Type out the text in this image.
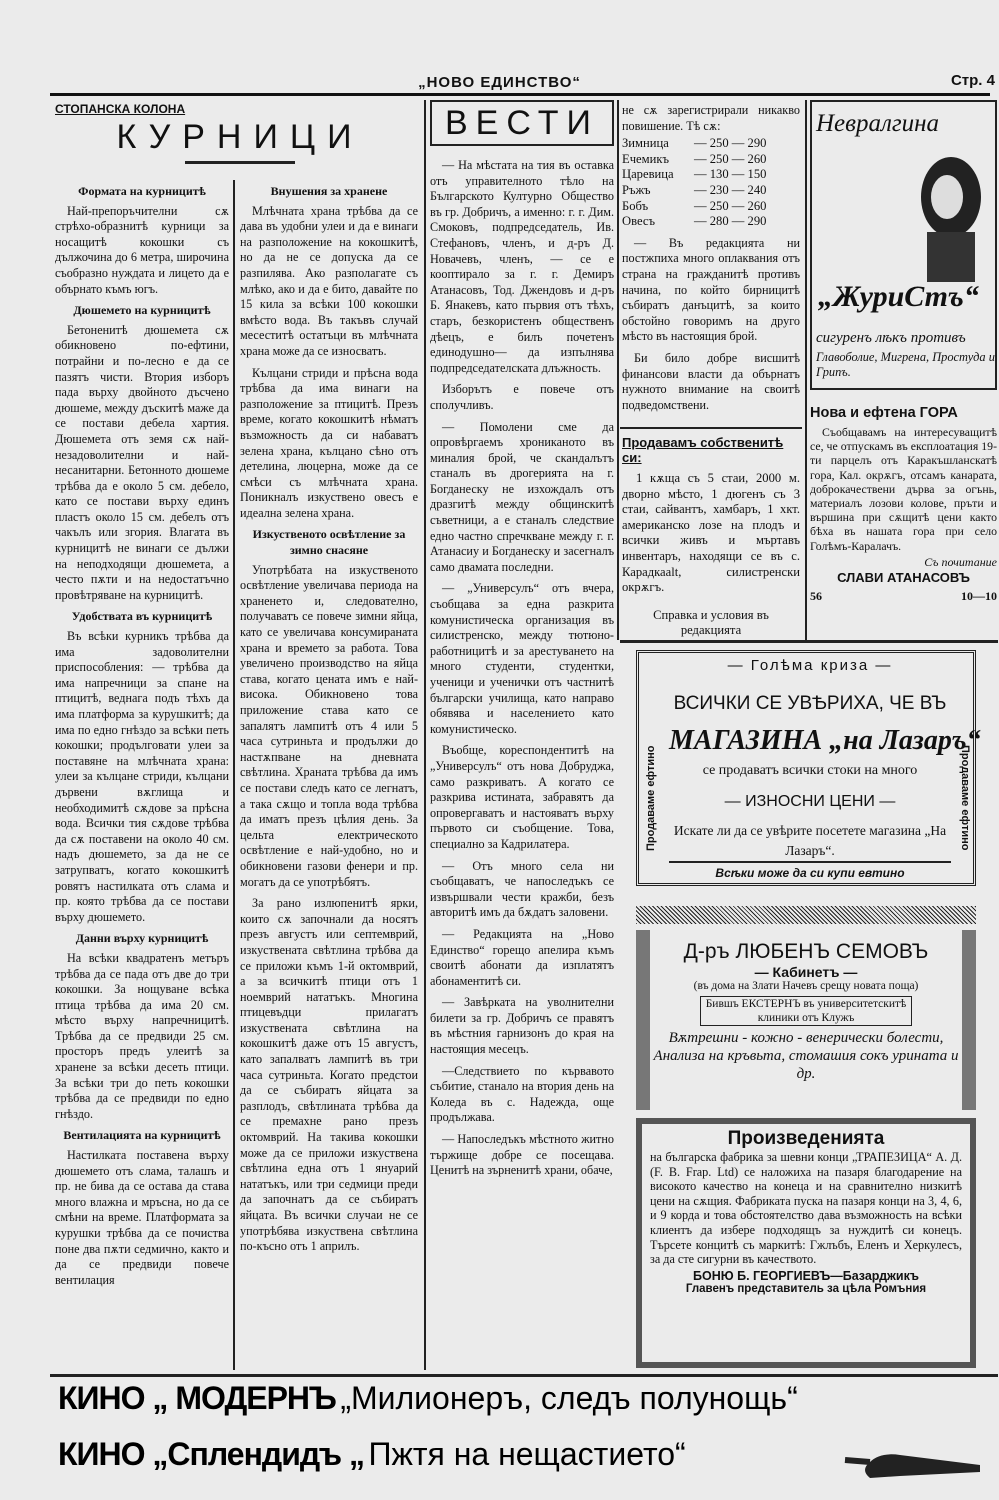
„НОВО ЕДИНСТВО“	Стр. 4
СТОПАНСКА КОЛОНА
КУРНИЦИ
Формата на курницитѣ

Най-препоръчителни сѫ стрѣхо-образнитѣ курници за носащитѣ кокошки съ дължочина до 6 метра, широчина съобразно нуждата и лицето да е обърнато къмъ югъ.

Дюшемето на курницитѣ

Бетоненитѣ дюшемета сѫ обикновено по-ефтини, потрайни и по-лесно е да се пазятъ чисти. Втория изборъ пада върху двойното дъсчено дюшеме, между дъскитѣ маже да се постави дебела хартия. Дюшемета отъ земя сѫ най-незадоволителни и най-несанитарни. Бетонното дюшеме трѣбва да е около 5 см. дебело, като се постави върху единъ пластъ около 15 см. дебелъ отъ чакълъ или згория. Влагата въ курницитѣ не винаги се дължи на неподходящи дюшемета, а често пѫти и на недостатъчно провѣтряване на курницитѣ.

Удобствата въ курницитѣ

Въ всѣки курникъ трѣбва да има задоволителни приспособления: — трѣбва да има напречници за спане на птицитѣ, веднага подъ тѣхъ да има платформа за курушкитѣ; да има по едно гнѣздо за всѣки петь кокошки; продълговати улеи за поставяне на млѣчната храна: улеи за кълцане стриди, кълцани дървени вѫглища и необходимитѣ сѫдове за прѣсна вода. Всички тия сѫдове трѣбва да сѫ поставени на около 40 см. надъ дюшемето, за да не се затрупватъ, когато кокошкитѣ ровятъ настилката отъ слама и пр. която трѣбва да се постави върху дюшемето.

Данни върху курницитѣ

На всѣки квадратенъ метъръ трѣбва да се пада отъ две до три кокошки. За нощуване всѣка птица трѣбва да има 20 см. мѣсто върху напречницитѣ. Трѣбва да се предвиди 25 см. просторъ предъ улеитѣ за хранене за всѣки десеть птици. За всѣки три до петь кокошки трѣбва да се предвиди по едно гнѣздо.

Вентилацията на курницитѣ

Настилката поставена върху дюшемето отъ слама, талашъ и пр. не бива да се остава да става много влажна и мръсна, но да се смѣни на време. Платформата за курушки трѣбва да се почиства поне два пѫти седмично, както и да се предвиди повече вентилация

Внушения за хранене

Млѣчната храна трѣбва да се дава въ удобни улеи и да е винаги на разположение на кокошкитѣ, но да не се допуска да се разпилява. Ако разполагате съ млѣко, ако и да е бито, давайте по 15 кила за всѣки 100 кокошки вмѣсто вода. Въ такъвъ случай месеститѣ остатъци въ млѣчната храна може да се износватъ.

Кълцани стриди и прѣсна вода трѣбва да има винаги на разположение за птицитѣ. Презъ време, когато кокошкитѣ нѣматъ възможность да си набаватъ зелена храна, кълцано сѣно отъ детелина, люцерна, може да се смѣси съ млѣчната храна. Поникналъ изкуствено овесъ е идеална зелена храна.

Изкуственото освѣтление за зимно снасяне

Употрѣбата на изкуственото освѣтление увеличава периода на храненето и, следователно, получаватъ се повече зимни яйца, като се увеличава консумираната храна и времето за работа. Това увеличено производство на яйца става, когато цената имъ е най-висока. Обикновено това приложение става като се запалятъ лампитѣ отъ 4 или 5 часа сутриньта и продължи до настѫпване на дневната свѣтлина. Храната трѣбва да имъ се постави следъ като се легнатъ, а така сѫщо и топла вода трѣбва да иматъ презъ цѣлия день. За цельта електрическото освѣтление е най-удобно, но и обикновени газови фенери и пр. могатъ да се употрѣбятъ.

За рано излюпенитѣ ярки, които сѫ започнали да носятъ презъ августъ или септемврий, изкуствената свѣтлина трѣбва да се приложи къмъ 1-й октомврий, а за всичкитѣ птици отъ 1 ноемврий нататъкъ. Многина птицевъдци прилагатъ изкуствената свѣтлина на кокошкитѣ даже отъ 15 августъ, като запалватъ лампитѣ въ три часа сутриньта. Когато предстои да се събиратъ яйцата за разплодъ, свѣтлината трѣбва да се премахне рано презъ октомврий. На такива кокошки може да се приложи изкуствена свѣтлина една отъ 1 януарий нататъкъ, или три седмици преди да започнатъ да се събиратъ яйцата. Въ всички случаи не се употрѣбява изкуствена свѣтлина по-късно отъ 1 априлъ.

ВЕСТИ

— На мѣстата на тия въ оставка отъ управителното тѣло на Българското Културно Общество въ гр. Добричъ, а именно: г. г. Дим. Смоковъ, подпредседатель, Ив. Стефановъ, членъ, и д-ръ Д. Новачевъ, членъ, — се е кооптирало за г. г. Демиръ Атанасовъ, Тод. Джендовъ и д-ръ Б. Янакевъ, като първия отъ тѣхъ, старъ, безкористенъ общественъ дѣецъ, е билъ почетенъ единодушно— да изпълнява подпредседателската длъжность.

Изборътъ е повече отъ сполучливъ.

— Помолени сме да опровѣргаемъ хрониканото въ миналия брой, че скандалътъ станалъ въ дрогерията на г. Богданеску не изхождалъ отъ дразгитѣ между общинскитѣ съветници, а е станалъ следствие едно частно спречкване между г. г. Атанасиу и Богданеску и засегналъ само двамата последни.

— „Универсулъ“ отъ вчера, съобщава за една разкрита комунистическа организация въ силистренско, между тютюно-работницитѣ и за арестуването на много студенти, студентки, ученици и ученички отъ частнитѣ български училища, като направо обявява и населението като комунистическо.

Въобще, кореспондентитѣ на „Универсулъ“ отъ нова Добруджа, само разкриватъ. А когато се разкрива истината, забравятъ да опровергаватъ и настояватъ върху първото си съобщение. Това, специално за Кадрилатера.

— Отъ много села ни съобщаватъ, че напоследъкъ се извършвали чести кражби, безъ авторитѣ имъ да бѫдатъ заловени.

— Редакцията на „Ново Единство“ горещо апелира къмъ своитѣ абонати да изплатятъ абонаментитѣ си.

— Завѣрката на уволнителни билети за гр. Добричъ се правятъ въ мѣстния гарнизонъ до края на настоящия месецъ.

—Следствието по кървавото събитие, станало на втория день на Коледа въ с. Надежда, още продължава.

— Напоследъкъ мѣстното житно тържище добре се посещава. Ценитѣ на зърненитѣ храни, обаче,

не сѫ зарегистрирали никакво повишение. Тѣ сѫ:
Зимница	— 250 — 290
Ечемикъ	— 250 — 260
Царевица	— 130 — 150
Ръжъ	— 230 — 240
Бобъ	— 250 — 260
Овесъ	— 280 — 290

— Въ редакцията ни постжпиха много оплаквания отъ страна на гражданитѣ противъ начина, по който бирницитѣ събиратъ данъцитѣ, за които обстойно говоримъ на друго мѣсто въ настоящия брой.

Би било добре висшитѣ финансови власти да обърнатъ нужното внимание на своитѣ подведомствени.

Продавамъ собственитѣ си:
1 кѫща съ 5 стаи, 2000 м. дворно мѣсто, 1 дюгенъ съ 3 стаи, сайвантъ, хамбаръ, 1 хкт. американско лозе на плодъ и всички живъ и мъртавъ инвентаръ, находящи се въ с. Карадкааlt, силистренски окрѫгъ.
Справка и условия въ редакцията
Невралгина
„ЖуриСтъ“
сигуренъ лѣкъ противъ
Главоболие, Мигрена, Простуда и Грипъ.
Нова и ефтена ГОРА
Съобщавамъ на интересуващитѣ се, че отпускамъ въ експлоатация 19-ти парцелъ отъ Каракъшланскатѣ гора, Кал. окрѫгъ, отсамъ канарата, доброкачествени дърва за огънь, материалъ лозови колове, пръти и вършина при сѫщитѣ цени както бѣха въ нашата гора при село Голѣмъ-Каралачъ.
Съ почитание
СЛАВИ АТАНАСОВЪ
56	10—10
Продаваме ефтино	Продаваме ефтино
— Голѣма криза —
ВСИЧКИ СЕ УВѢРИХА, ЧЕ ВЪ
МАГАЗИНА „на Лазаръ“
се продаватъ всички стоки на много
— ИЗНОСНИ ЦЕНИ —
Искате ли да се увѣрите посетете магазина „На Лазаръ“.
Всѣки може да си купи евтино
Д-ръ ЛЮБЕНЪ СЕМОВЪ
— Кабинетъ —
(въ дома на Злати Начевъ срещу новата поща)
Бившъ ЕКСТЕРНЪ въ университетскитѣ клиники отъ Клужъ
Вѫтрешни - кожно - венерически болести,
Анализа на кръвьта, стомашия сокъ урината и др.
Произведенията
на българска фабрика за шевни конци „ТРАПЕЗИЦА“ А. Д. (F. B. Frap. Ltd) се наложиха на пазаря благодарение на високото качество на конеца и на сравнително низкитѣ цени на сѫщия. Фабриката пуска на пазаря конци на 3, 4, 6, и 9 корда и това обстоятелство дава възможность на всѣки клиентъ да избере подходящъ за нуждитѣ си конецъ. Търсете концитѣ съ маркитѣ: Гжлъбъ, Еленъ и Херкулесъ, за да сте сигурни въ качеството.
БОНЮ Б. ГЕОРГИЕВЪ—Базарджикъ
Главенъ представитель за цѣла Ромъния
КИНО „ МОДЕРНЪ „Милионеръ, следъ полунощь“
КИНО „Сплендидъ „ Пжтя на нещастието“
